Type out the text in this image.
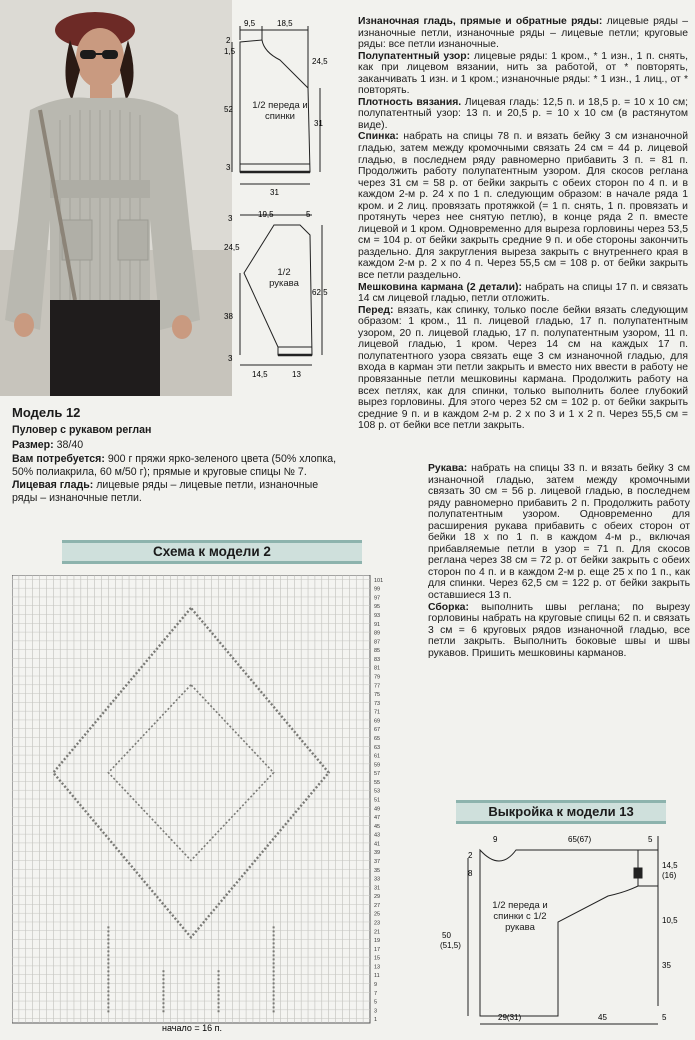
9,5	18,5
2
1,5
24,5
52
31
3
31
1/2 переда и спинки
3	19,5	5
24,5
62,5
38
3
14,5	13
1/2 рукава
Модель 12
Пуловер с рукавом реглан
Размер: 38/40
Вам потребуется: 900 г пряжи ярко-зеленого цвета (50% хлопка, 50% полиакрила, 60 м/50 г); прямые и круговые спицы № 7.
Лицевая гладь: лицевые ряды – лицевые петли, изнаночные ряды – изнаночные петли.

Изнаночная гладь, прямые и обратные ряды: лицевые ряды – изнаночные петли, изнаночные ряды – лицевые петли; круговые ряды: все петли изнаночные.

Полупатентный узор: лицевые ряды: 1 кром., * 1 изн., 1 п. снять, как при лицевом вязании, нить за работой, от * повторять, заканчивать 1 изн. и 1 кром.; изнаночные ряды: * 1 изн., 1 лиц., от * повторять.

Плотность вязания. Лицевая гладь: 12,5 п. и 18,5 р. = 10 х 10 см; полупатентный узор: 13 п. и 20,5 р. = 10 х 10 см (в растянутом виде).

Спинка: набрать на спицы 78 п. и вязать бейку 3 см изнаночной гладью, затем между кромочными связать 24 см = 44 р. лицевой гладью, в последнем ряду равномерно прибавить 3 п. = 81 п. Продолжить работу полупатентным узором. Для скосов реглана через 31 см = 58 р. от бейки закрыть с обеих сторон по 4 п. и в каждом 2-м р. 24 х по 1 п. следующим образом: в начале ряда 1 кром. и 2 лиц. провязать протяжкой (= 1 п. снять, 1 п. провязать и протянуть через нее снятую петлю), в конце ряда 2 п. вместе лицевой и 1 кром. Одновременно для выреза горловины через 53,5 см = 104 р. от бейки закрыть средние 9 п. и обе стороны закончить раздельно. Для закругления выреза закрыть с внутреннего края в каждом 2-м р. 2 х по 4 п. Через 55,5 см = 108 р. от бейки закрыть все петли раздельно.

Мешковина кармана (2 детали): набрать на спицы 17 п. и связать 14 см лицевой гладью, петли отложить.

Перед: вязать, как спинку, только после бейки вязать следующим образом: 1 кром., 11 п. лицевой гладью, 17 п. полупатентным узором, 20 п. лицевой гладью, 17 п. полупатентным узором, 11 п. лицевой гладью, 1 кром. Через 14 см на каждых 17 п. полупатентного узора связать еще 3 см изнаночной гладью, для входа в карман эти петли закрыть и вместо них ввести в работу не провязанные петли мешковины кармана. Продолжить работу на всех петлях, как для спинки, только выполнить более глубокий вырез горловины. Для этого через 52 см = 102 р. от бейки закрыть средние 9 п. и в каждом 2-м р. 2 х по 3 и 1 х 2 п. Через 55,5 см = 108 р. от бейки все петли закрыть.

Рукава: набрать на спицы 33 п. и вязать бейку 3 см изнаночной гладью, затем между кромочными связать 30 см = 56 р. лицевой гладью, в последнем ряду равномерно прибавить 2 п. Продолжить работу полупатентным узором. Одновременно для расширения рукава прибавить с обеих сторон от бейки 18 х по 1 п. в каждом 4-м р., включая прибавляемые петли в узор = 71 п. Для скосов реглана через 38 см = 72 р. от бейки закрыть с обеих сторон по 4 п. и в каждом 2-м р. еще 25 х по 1 п., как для спинки. Через 62,5 см = 122 р. от бейки закрыть оставшиеся 13 п.

Сборка: выполнить швы реглана; по вырезу горловины набрать на круговые спицы 62 п. и связать 3 см = 6 круговых рядов изнаночной гладью, все петли закрыть. Выполнить боковые швы и швы рукавов. Пришить мешковины карманов.

Схема к модели 2
101
99
97
95
93
91
89
87
85
83
81
79
77
75
73
71
69
67
65
63
61
59
57
55
53
51
49
47
45
43
41
39
37
35
33
31
29
27
25
23
21
19
17
15
13
11
9
7
5
3
1
начало = 16 п.
Выкройка к модели 13
9	65(67)	5
2
8
14,5
(16)
10,5
50
(51,5)
35
29(31)	45	5
1/2 переда и спинки с 1/2 рукава
